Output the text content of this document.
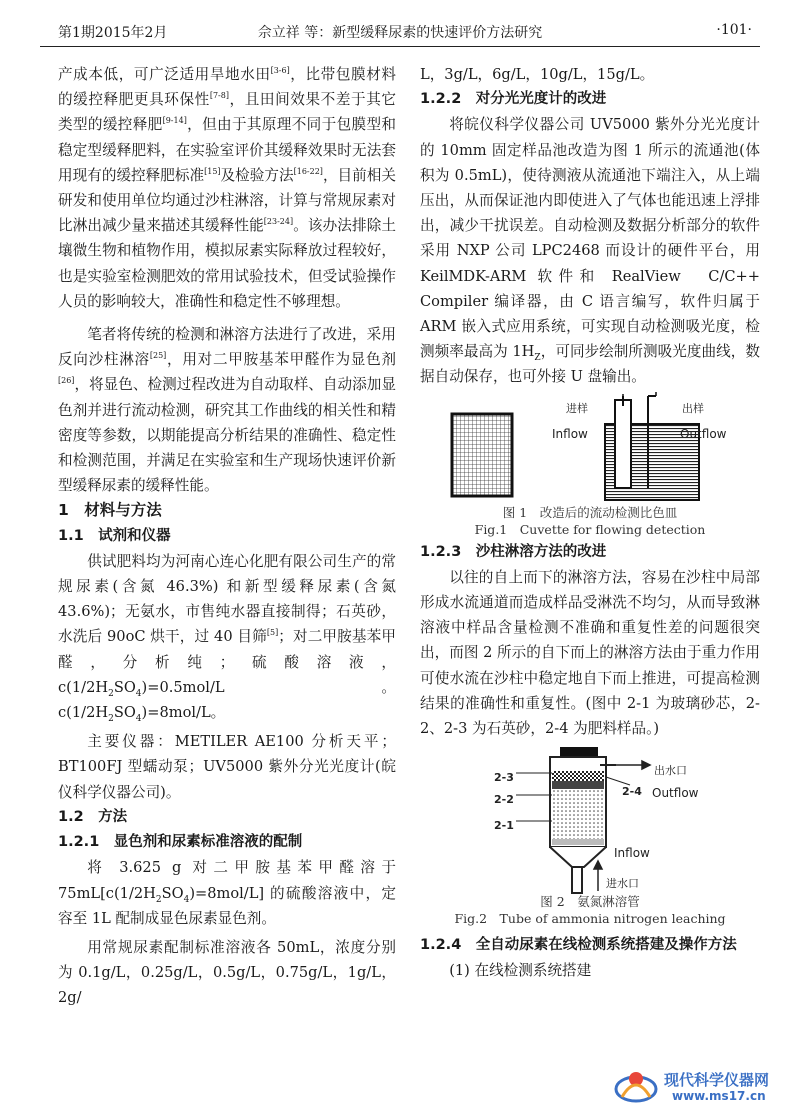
第1期2015年2月	佘立祥 等：新型缓释尿素的快速评价方法研究	·101·

产成本低，可广泛适用旱地水田[3-6]，比带包膜材料的缓控释肥更具环保性[7-8]，且田间效果不差于其它类型的缓控释肥[9-14]，但由于其原理不同于包膜型和稳定型缓释肥料，在实验室评价其缓释效果时无法套用现有的缓控释肥标准[15]及检验方法[16-22]，目前相关研发和使用单位均通过沙柱淋溶，计算与常规尿素对比淋出减少量来描述其缓释性能[23-24]。该办法排除土壤微生物和植物作用，模拟尿素实际释放过程较好，也是实验室检测肥效的常用试验技术，但受试验操作人员的影响较大，准确性和稳定性不够理想。

笔者将传统的检测和淋溶方法进行了改进，采用反向沙柱淋溶[25]，用对二甲胺基苯甲醛作为显色剂[26]，将显色、检测过程改进为自动取样、自动添加显色剂并进行流动检测，研究其工作曲线的相关性和精密度等参数，以期能提高分析结果的准确性、稳定性和检测范围，并满足在实验室和生产现场快速评价新型缓释尿素的缓释性能。

1　材料与方法

1.1　试剂和仪器

供试肥料均为河南心连心化肥有限公司生产的常规尿素(含氮 46.3%) 和新型缓释尿素(含氮 43.6%)；无氨水，市售纯水器直接制得；石英砂，水洗后 90oC 烘干，过 40 目筛[5]；对二甲胺基苯甲醛，分析纯；硫酸溶液，$c(1/2H_2SO_4)=0.5mol/L$。$c(1/2H_2SO_4)=8mol/L$。

主要仪器：METILER AE100 分析天平；BT100FJ 型蠕动泵；UV5000 紫外分光光度计(皖仪科学仪器公司)。

1.2　方法

1.2.1　显色剂和尿素标准溶液的配制

将 3.625 g 对二甲胺基苯甲醛溶于 $75mL[c(1/2H_2SO_4)=8mol/L]$ 的硫酸溶液中，定容至 1L 配制成显色尿素显色剂。

用常规尿素配制标准溶液各 50mL，浓度分别为 0.1g/L，0.25g/L，0.5g/L，0.75g/L，1g/L，2g/

L，3g/L，6g/L，10g/L，15g/L。

1.2.2　对分光光度计的改进

将皖仪科学仪器公司 UV5000 紫外分光光度计的 10mm 固定样品池改造为图 1 所示的流通池(体积为 0.5mL)，使待测液从流通池下端注入，从上端压出，从而保证池内即使进入了气体也能迅速上浮排出，减少干扰误差。自动检测及数据分析部分的软件采用 NXP 公司 LPC2468 而设计的硬件平台，用 KeilMDK-ARM 软件和 RealView　C/C++ Compiler 编译器，由 C 语言编写，软件归属于 ARM 嵌入式应用系统，可实现自动检测吸光度，检测频率最高为 $1H_Z$，可同步绘制所测吸光度曲线，数据自动保存，也可外接 U 盘输出。

进样	出样
Inflow	Outflow
图 1　改造后的流动检测比色皿
Fig.1　Cuvette for flowing detection

1.2.3　沙柱淋溶方法的改进

以往的自上而下的淋溶方法，容易在沙柱中局部形成水流通道而造成样品受淋洗不均匀，从而导致淋溶液中样品含量检测不准确和重复性差的问题很突出，而图 2 所示的自下而上的淋溶方法由于重力作用可使水流在沙柱中稳定地自下而上推进，可提高检测结果的准确性和重复性。(图中 2-1 为玻璃砂芯，2-2、2-3 为石英砂，2-4 为肥料样品。)

2-3
2-2
2-1
2-4
出水口
Outflow
Inflow
进水口
图 2　氨氮淋溶管
Fig.2　Tube of ammonia nitrogen leaching

1.2.4　全自动尿素在线检测系统搭建及操作方法

(1) 在线检测系统搭建

现代科学仪器网
www.ms17.cn
